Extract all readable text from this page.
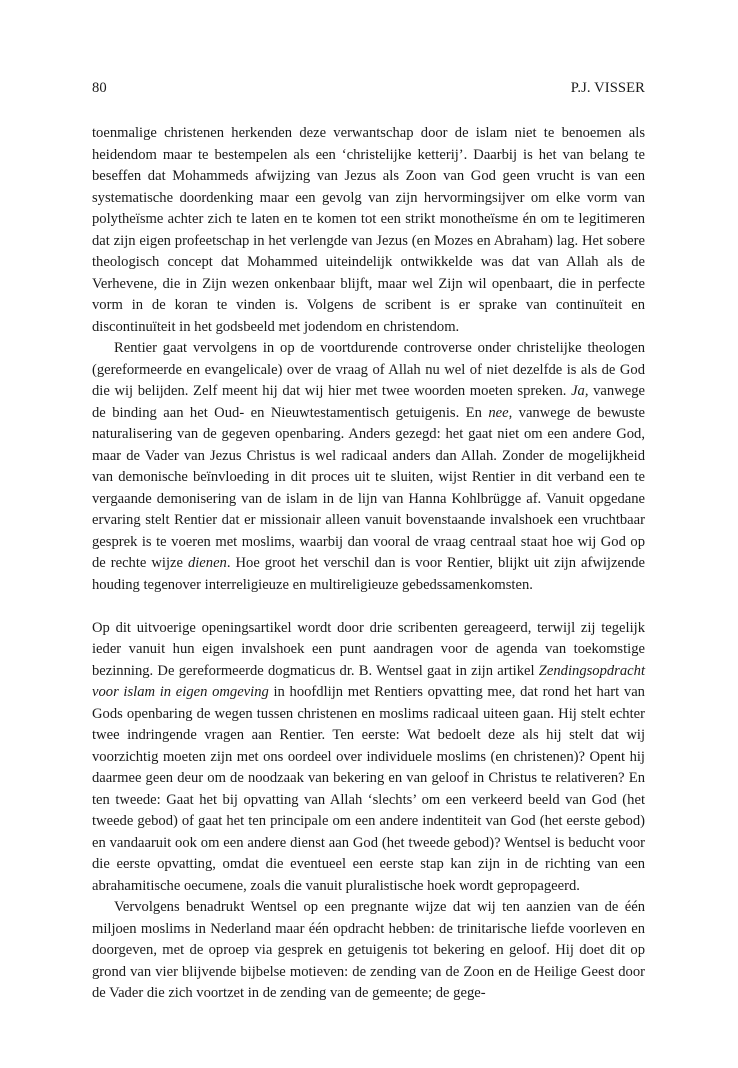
80	P.J. VISSER

toenmalige christenen herkenden deze verwantschap door de islam niet te benoemen als heidendom maar te bestempelen als een ‘christelijke ketterij’. Daarbij is het van belang te beseffen dat Mohammeds afwijzing van Jezus als Zoon van God geen vrucht is van een systematische doordenking maar een gevolg van zijn hervormingsijver om elke vorm van polytheïsme achter zich te laten en te komen tot een strikt monotheïsme én om te legitimeren dat zijn eigen profeetschap in het verlengde van Jezus (en Mozes en Abraham) lag. Het sobere theologisch concept dat Mohammed uiteindelijk ontwikkelde was dat van Allah als de Verhevene, die in Zijn wezen onkenbaar blijft, maar wel Zijn wil openbaart, die in perfecte vorm in de koran te vinden is. Volgens de scribent is er sprake van continuïteit en discontinuïteit in het godsbeeld met jodendom en christendom.

Rentier gaat vervolgens in op de voortdurende controverse onder christelijke theologen (gereformeerde en evangelicale) over de vraag of Allah nu wel of niet dezelfde is als de God die wij belijden. Zelf meent hij dat wij hier met twee woorden moeten spreken. Ja, vanwege de binding aan het Oud- en Nieuwtestamentisch getuigenis. En nee, vanwege de bewuste naturalisering van de gegeven openbaring. Anders gezegd: het gaat niet om een andere God, maar de Vader van Jezus Christus is wel radicaal anders dan Allah. Zonder de mogelijkheid van demonische beïnvloeding in dit proces uit te sluiten, wijst Rentier in dit verband een te vergaande demonisering van de islam in de lijn van Hanna Kohlbrügge af. Vanuit opgedane ervaring stelt Rentier dat er missionair alleen vanuit bovenstaande invalshoek een vruchtbaar gesprek is te voeren met moslims, waarbij dan vooral de vraag centraal staat hoe wij God op de rechte wijze dienen. Hoe groot het verschil dan is voor Rentier, blijkt uit zijn afwijzende houding tegenover interreligieuze en multireligieuze gebedssamenkomsten.

Op dit uitvoerige openingsartikel wordt door drie scribenten gereageerd, terwijl zij tegelijk ieder vanuit hun eigen invalshoek een punt aandragen voor de agenda van toekomstige bezinning. De gereformeerde dogmaticus dr. B. Wentsel gaat in zijn artikel Zendingsopdracht voor islam in eigen omgeving in hoofdlijn met Rentiers opvatting mee, dat rond het hart van Gods openbaring de wegen tussen christenen en moslims radicaal uiteen gaan. Hij stelt echter twee indringende vragen aan Rentier. Ten eerste: Wat bedoelt deze als hij stelt dat wij voorzichtig moeten zijn met ons oordeel over individuele moslims (en christenen)? Opent hij daarmee geen deur om de noodzaak van bekering en van geloof in Christus te relativeren? En ten tweede: Gaat het bij opvatting van Allah ‘slechts’ om een verkeerd beeld van God (het tweede gebod) of gaat het ten principale om een andere indentiteit van God (het eerste gebod) en vandaaruit ook om een andere dienst aan God (het tweede gebod)? Wentsel is beducht voor die eerste opvatting, omdat die eventueel een eerste stap kan zijn in de richting van een abrahamitische oecumene, zoals die vanuit pluralistische hoek wordt gepropageerd.

Vervolgens benadrukt Wentsel op een pregnante wijze dat wij ten aanzien van de één miljoen moslims in Nederland maar één opdracht hebben: de trinitarische liefde voorleven en doorgeven, met de oproep via gesprek en getuigenis tot bekering en geloof. Hij doet dit op grond van vier blijvende bijbelse motieven: de zending van de Zoon en de Heilige Geest door de Vader die zich voortzet in de zending van de gemeente; de gege-
